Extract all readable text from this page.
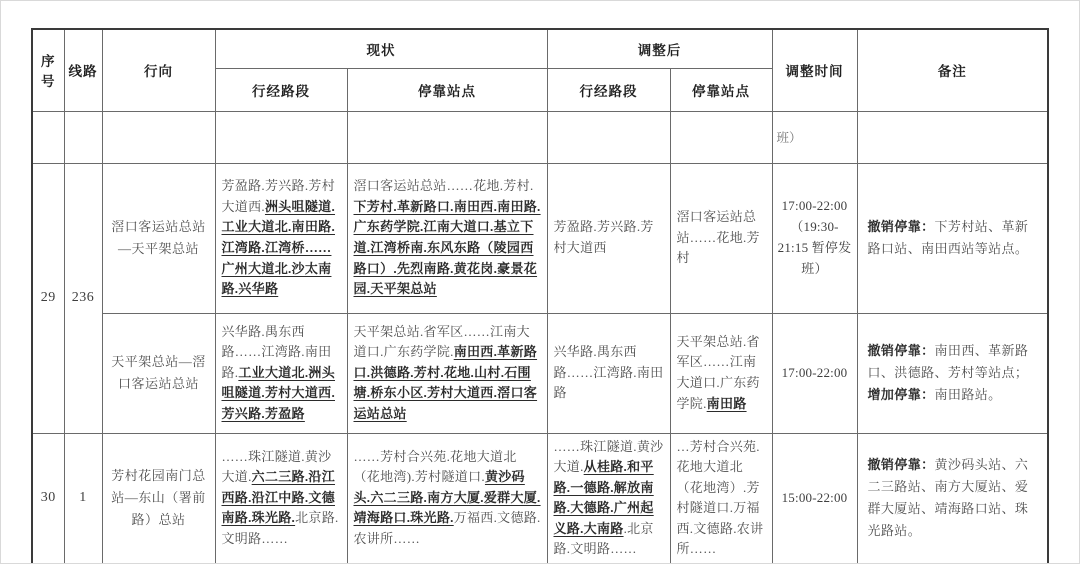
序号	线路	行向	现状		调整后		调整时间	备注
			行经路段	停靠站点	行经路段	停靠站点		
							班）	
29	236	滘口客运站总站—天平架总站	芳盈路.芳兴路.芳村大道西.洲头咀隧道.工业大道北.南田路.江湾路.江湾桥……广州大道北.沙太南路.兴华路	滘口客运站总站……花地.芳村.下芳村.革新路口.南田西.南田路.广东药学院.江南大道口.基立下道.江湾桥南.东风东路（陵园西路口）.先烈南路.黄花岗.豪景花园.天平架总站	芳盈路.芳兴路.芳村大道西	滘口客运站总站……花地.芳村	17:00-22:00（19:30-21:15 暂停发班）	撤销停靠：下芳村站、革新路口站、南田西站等站点。
		天平架总站—滘口客运站总站	兴华路.禺东西路……江湾路.南田路.工业大道北.洲头咀隧道.芳村大道西.芳兴路.芳盈路	天平架总站.省军区……江南大道口.广东药学院.南田西.革新路口.洪德路.芳村.花地.山村.石围塘.桥东小区.芳村大道西.滘口客运站总站	兴华路.禺东西路……江湾路.南田路	天平架总站.省军区……江南大道口.广东药学院.南田路	17:00-22:00	撤销停靠：南田西、革新路口、洪德路、芳村等站点；
增加停靠：南田路站。
30	1	芳村花园南门总站—东山（署前路）总站	……珠江隧道.黄沙大道.六二三路.沿江西路.沿江中路.文德南路.珠光路.北京路.文明路……	……芳村合兴苑.花地大道北（花地湾).芳村隧道口.黄沙码头.六二三路.南方大厦.爱群大厦.靖海路口.珠光路.万福西.文德路.农讲所……	……珠江隧道.黄沙大道.从桂路.和平路.一德路.解放南路.大德路.广州起义路.大南路.北京路.文明路……	…芳村合兴苑.花地大道北（花地湾）.芳村隧道口.万福西.文德路.农讲所……	15:00-22:00	撤销停靠：黄沙码头站、六二三路站、南方大厦站、爱群大厦站、靖海路口站、珠光路站。
